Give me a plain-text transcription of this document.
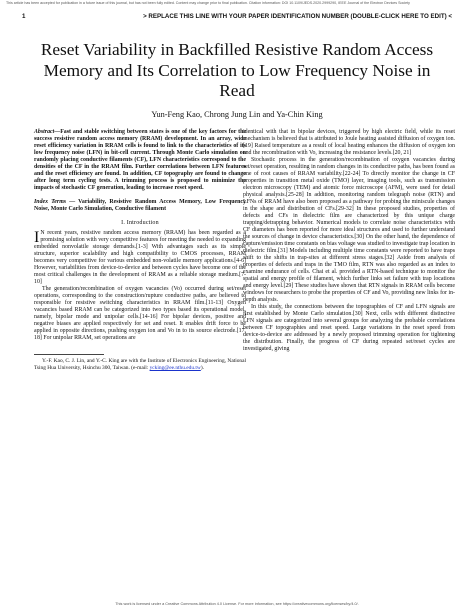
This article has been accepted for publication in a future issue of this journal, but has not been fully edited. Content may change prior to final publication. Citation information: DOI 10.1109/JEDS.2020.2999290, IEEE Journal of the Electron Devices Society
1	> REPLACE THIS LINE WITH YOUR PAPER IDENTIFICATION NUMBER (DOUBLE-CLICK HERE TO EDIT) <
Reset Variability in Backfilled Resistive Random Access Memory and Its Correlation to Low Frequency Noise in Read
Yun-Feng Kao, Chrong Jung Lin and Ya-Chin King

Abstract—Fast and stable switching between states is one of the key factors for the success resistive random access memory (RRAM) development. In an array, wide reset efficiency variation in RRAM cells is found to link to the characteristics of its low frequency noise (LFN) in bit-cell current. Through Monte Carlo simulation on randomly placing conductive filaments (CF), LFN characteristics correspond to the densities of the CF in the RRAM film. Further correlations between LFN features and the reset efficiency are found. In addition, CF topography are found to change after long term cycling tests. A trimming process is proposed to minimize the impacts of stochastic CF generation, leading to increase reset speed.

Index Terms — Variability, Resistive Random Access Memory, Low Frequency Noise, Monte Carlo Simulation, Conductive filament

I. Introduction

I N recent years, resistive random access memory (RRAM) has been regarded as a promising solution with very competitive features for meeting the needed to expanding embedded nonvolatile storage demands.[1-3] With advantages such as its simple structure, superior scalability and high compatibility to CMOS processes, RRAM becomes very competitive for various embedded non-volatile memory applications.[4-6] However, variabilities from device-to-device and between cycles have become one of the most critical challenges in the development of RRAM as a reliable storage medium.[7-10]

The generation/recombination of oxygen vacancies (Vo) occurred during set/reset operations, corresponding to the construction/rupture conductive paths, are believed to responsible for resistive switching characteristics in RRAM film.[11-13] Oxygen vacancies based RRAM can be categorized into two types based its operational model, namely, bipolar mode and unipolar cells.[14-16] For bipolar devices, positive and negative biases are applied respectively for set and reset. It enables drift force to be applied in opposite directions, pushing oxygen ion and Vo in to its source electrode.[17, 18] For unipolar RRAM, set operations are

Y.-F. Kao, C. J. Lin, and Y.-C. King are with the Institute of Electronics Engineering, National Tsing Hua University, Hsinchu 300, Taiwan. (e-mail: ycking@ee.nthu.edu.tw).

identical with that in bipolar devices, triggered by high electric field, while its reset mechanism is believed that is attributed to Joule heating assisted diffusion of oxygen ion.[19] Raised temperature as a result of local heating enhances the diffusion of oxygen ion and the recombination with Vo, increasing the resistance levels.[20, 21]

Stochastic process in the generation/recombination of oxygen vacancies during set/reset operation, resulting in random changes in its conductive paths, has been found as one of root causes of RRAM variability.[22-24] To directly monitor the change in CF properties in transition metal oxide (TMO) layer, imaging tools, such as transmission electron microscopy (TEM) and atomic force microscope (AFM), were used for detail physical analysis.[25-28] In addition, monitoring random telegraph noise (RTN) and LFNs of RRAM have also been proposed as a pathway for probing the miniscule changes in the shape and distribution of CFs.[29-32] In these proposed studies, properties of defects and CFs in dielectric film are characterized by this unique charge trapping/detrapping behavior. Numerical models to correlate noise characteristics with CF diameters has been reported for more ideal structures and used to further understand the sources of change in device characteristics.[30] On the other hand, the dependence of capture/emission time constants on bias voltage was studied to investigate trap location in dielectric film.[31] Models including multiple time constants were reported to have traps shift to the shifts in trap-sites at different stress stages.[32] Aside from analysis of properties of defects and traps in the TMO film, RTN was also regarded as an index to examine endurance of cells. Chai et al. provided a RTN-based technique to monitor the spatial and energy profile of filament, which further links set failure with trap locations and energy level.[29] These studies have shown that RTN signals in RRAM cells become windows for researchers to probe the properties of CF and Vo, providing new links for in-depth analysis.

In this study, the connections between the topographies of CF and LFN signals are first established by Monte Carlo simulation.[30] Next, cells with different distinctive LFN signals are categorized into several groups for analyzing the probable correlations between CF topographies and reset speed. Large variations in the reset speed from device-to-device are addressed by a newly proposed trimming operation for tightening the distribution. Finally, the progress of CF during repeated set/reset cycles are investigated, giving

This work is licensed under a Creative Commons Attribution 4.0 License. For more information, see https://creativecommons.org/licenses/by/4.0/.
